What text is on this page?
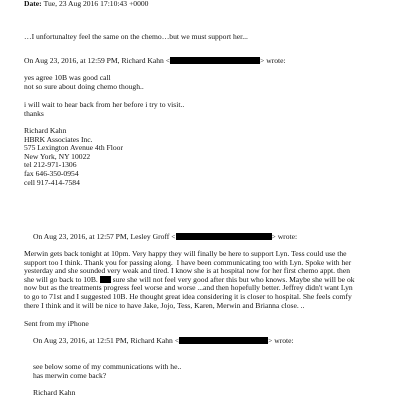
Date: Tue, 23 Aug 2016 17:10:43 +0000
…I unfortunaltey feel the same on the chemo…but we must support her...
On Aug 23, 2016, at 12:59 PM, Richard Kahn <	> wrote:
yes agree 10B was good call
not so sure about doing chemo though..
i will wait to hear back from her before i try to visit..
thanks
Richard Kahn
HBRK Associates Inc.
575 Lexington Avenue 4th Floor
New York, NY 10022
tel 212-971-1306
fax 646-350-0954
cell 917-414-7584
On Aug 23, 2016, at 12:57 PM, Lesley Groff <	> wrote:
Merwin gets back tonight at 10pm. Very happy they will finally be here to support Lyn. Tess could use the
support too I think. Thank you for passing along.  I have been communicating too with Lyn. Spoke with her
yesterday and she sounded very weak and tired. I know she is at hospital now for her first chemo appt. then
she will go back to 10B.  sure she will not feel very good after this but who knows. Maybe she will be ok
now but as the treatments progress feel worse and worse ...and then hopefully better. Jeffrey didn't want Lyn
to go to 71st and I suggested 10B. He thought great idea considering it is closer to hospital. She feels comfy
there I think and it will be nice to have Jake, Jojo, Tess, Karen, Merwin and Brianna close. ..
Sent from my iPhone
On Aug 23, 2016, at 12:51 PM, Richard Kahn <	> wrote:
see below some of my communications with he..
has merwin come back?
Richard Kahn
